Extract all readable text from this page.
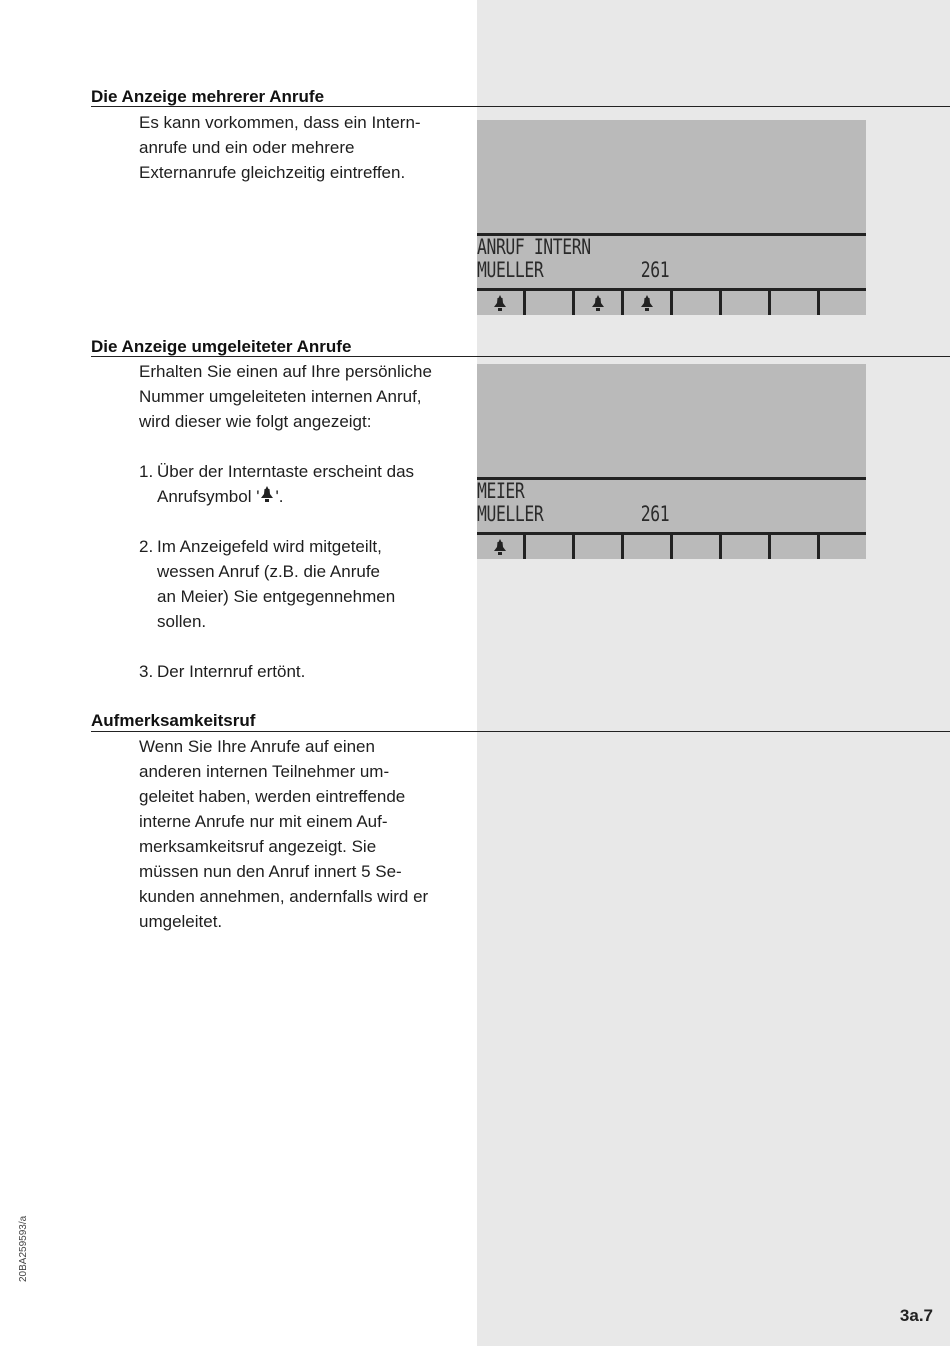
Die Anzeige mehrerer Anrufe

Es kann vorkommen, dass ein Intern-
anrufe und ein oder mehrere
Externanrufe gleichzeitig eintreffen.

ANRUF INTERN
MUELLER	261
Die Anzeige umgeleiteter Anrufe

Erhalten Sie einen auf Ihre persönliche
Nummer umgeleiteten internen Anruf,
wird dieser wie folgt angezeigt:

1. Über der Interntaste erscheint das
Anrufsymbol ' '.
2. Im Anzeigefeld wird mitgeteilt,
wessen Anruf (z.B. die Anrufe
an Meier) Sie entgegennehmen
sollen.
3. Der Internruf ertönt.
MEIER
MUELLER	261
Aufmerksamkeitsruf

Wenn Sie Ihre Anrufe auf einen
anderen internen Teilnehmer um-
geleitet haben, werden eintreffende
interne Anrufe nur mit einem Auf-
merksamkeitsruf angezeigt. Sie
müssen nun den Anruf innert 5 Se-
kunden annehmen, andernfalls wird er
umgeleitet.

20BA259593/a

3a.7
